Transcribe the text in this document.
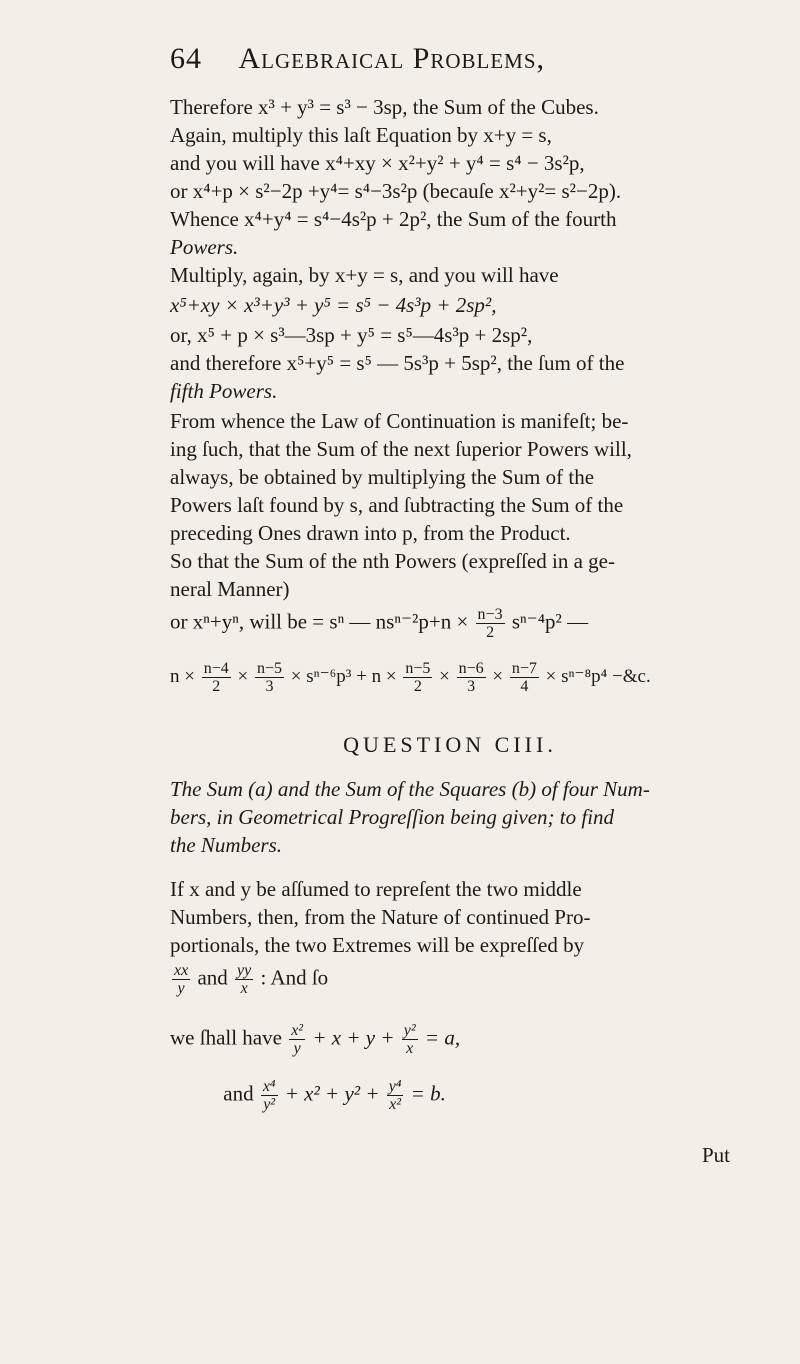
64 Algebraical Problems,
Therefore x³ + y³ = s³ − 3sp, the Sum of the Cubes.
Again, multiply this laſt Equation by x+y = s,
and you will have x⁴+xy × x²+y² + y⁴ = s⁴ − 3s²p,
or x⁴+p × s²−2p +y⁴= s⁴−3s²p (becauſe x²+y²= s²−2p).
Whence x⁴+y⁴ = s⁴−4s²p + 2p², the Sum of the fourth
Powers.
Multiply, again, by x+y = s, and you will have
x⁵+xy × x³+y³ + y⁵ = s⁵ − 4s³p + 2sp²,
or, x⁵ + p × s³—3sp + y⁵ = s⁵—4s³p + 2sp²,
and therefore x⁵+y⁵ = s⁵ — 5s³p + 5sp², the ſum of the
fifth Powers.
From whence the Law of Continuation is manifeſt; be-
ing ſuch, that the Sum of the next ſuperior Powers will,
always, be obtained by multiplying the Sum of the
Powers laſt found by s, and ſubtracting the Sum of the
preceding Ones drawn into p, from the Product.
So that the Sum of the nth Powers (expreſſed in a ge-
neral Manner)
or xⁿ+yⁿ, will be = sⁿ — $ns^{n-2}p+n \times \frac{n-3}{2} s^{n-4}p^2$ —
$n \times \frac{n-4}{2} \times \frac{n-5}{3} \times s^{n-6}p^3 + n \times \frac{n-5}{2} \times \frac{n-6}{3} \times \frac{n-7}{4} \times s^{n-8}p^4$ −&c.
QUESTION CIII.
The Sum (a) and the Sum of the Squares (b) of four Num-
bers, in Geometrical Progreſſion being given; to find
the Numbers.
If x and y be aſſumed to repreſent the two middle
Numbers, then, from the Nature of continued Pro-
portionals, the two Extremes will be expreſſed by
$\frac{xx}{y}$ and $\frac{yy}{x}$ : And ſo
we ſhall have $\frac{\text{x²}}{y} + x + y + \frac{\text{y²}}{x} = a$,
and $\frac{\text{x⁴}}{\text{y²}} + x^2 + y^2 + \frac{\text{y⁴}}{\text{x²}} = b$.
Put
